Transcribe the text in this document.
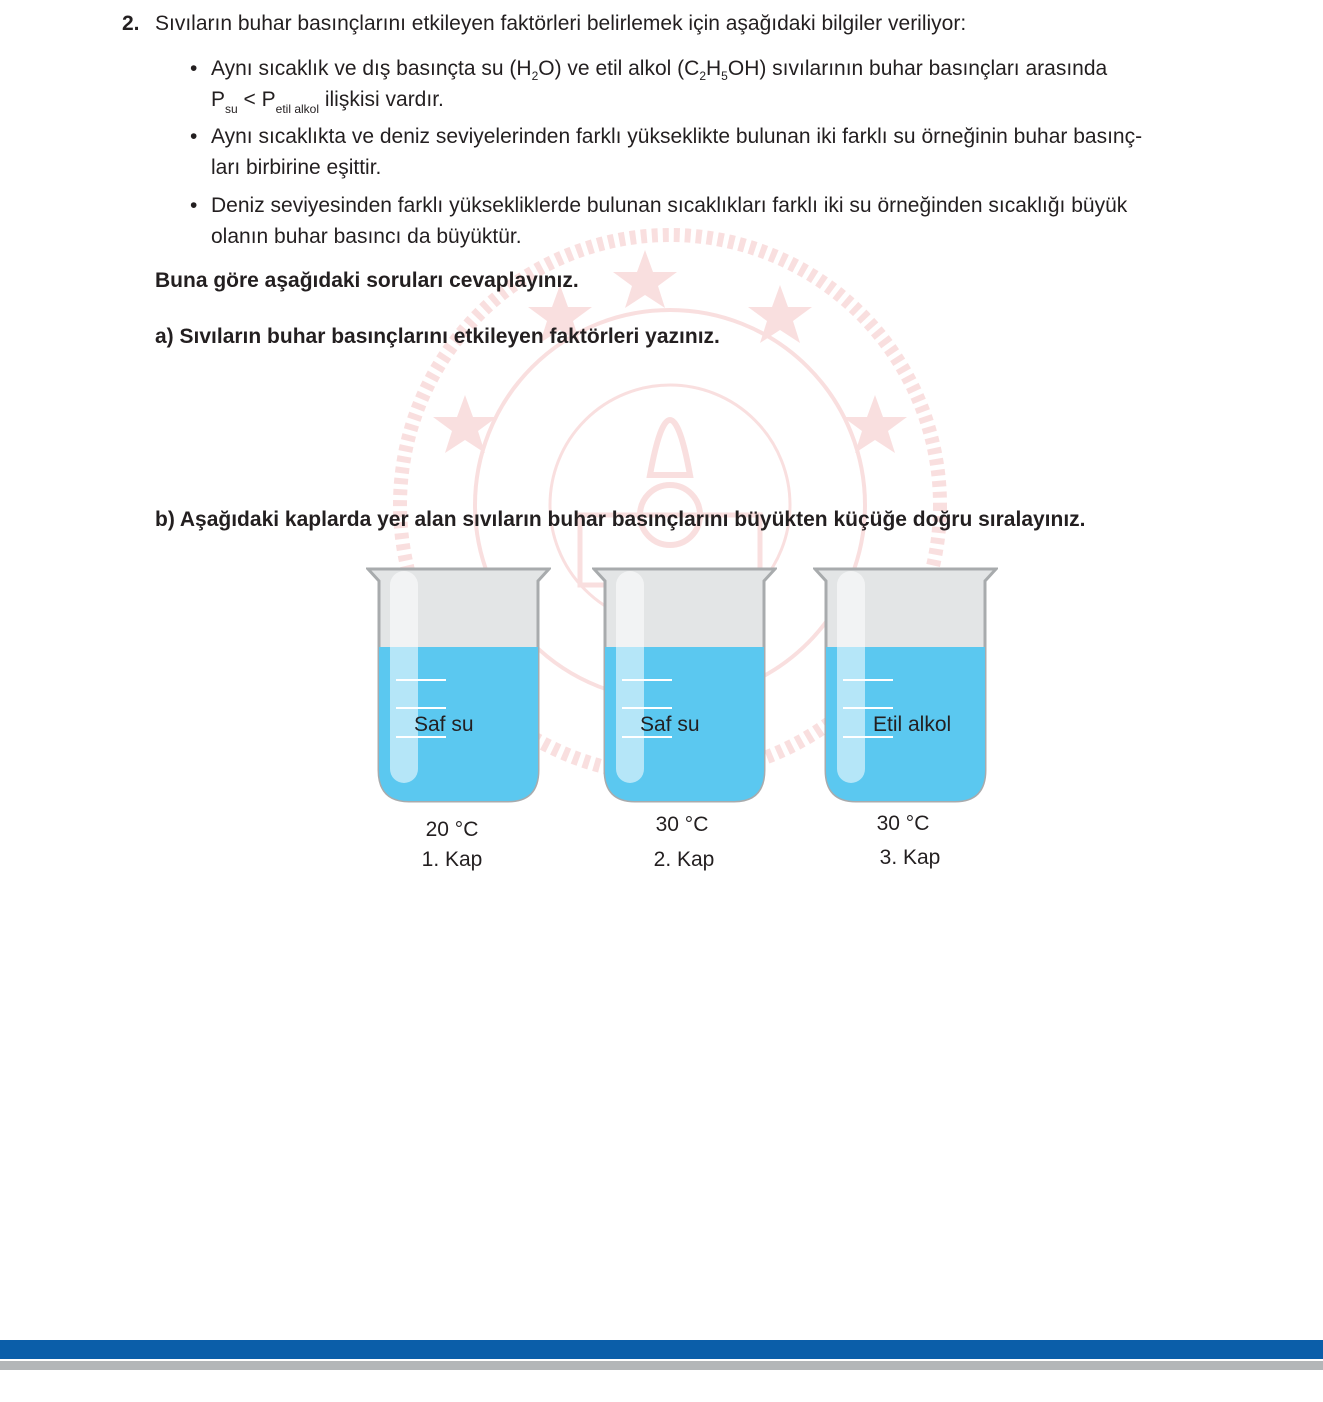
2. Sıvıların buhar basınçlarını etkileyen faktörleri belirlemek için aşağıdaki bilgiler veriliyor:
• Aynı sıcaklık ve dış basınçta su $(H_2O)$ ve etil alkol $(C_2H_5OH)$ sıvılarının buhar basınçları arasında
$P_{su} < P_{etil alkol}$ ilişkisi vardır.
• Aynı sıcaklıkta ve deniz seviyelerinden farklı yükseklikte bulunan iki farklı su örneğinin buhar basınç-
ları birbirine eşittir.
• Deniz seviyesinden farklı yüksekliklerde bulunan sıcaklıkları farklı iki su örneğinden sıcaklığı büyük
olanın buhar basıncı da büyüktür.
Buna göre aşağıdaki soruları cevaplayınız.
a) Sıvıların buhar basınçlarını etkileyen faktörleri yazınız.
b) Aşağıdaki kaplarda yer alan sıvıların buhar basınçlarını büyükten küçüğe doğru sıralayınız.
Saf su
20 °C
1. Kap
Saf su
30 °C
2. Kap
Etil alkol
30 °C
3. Kap
